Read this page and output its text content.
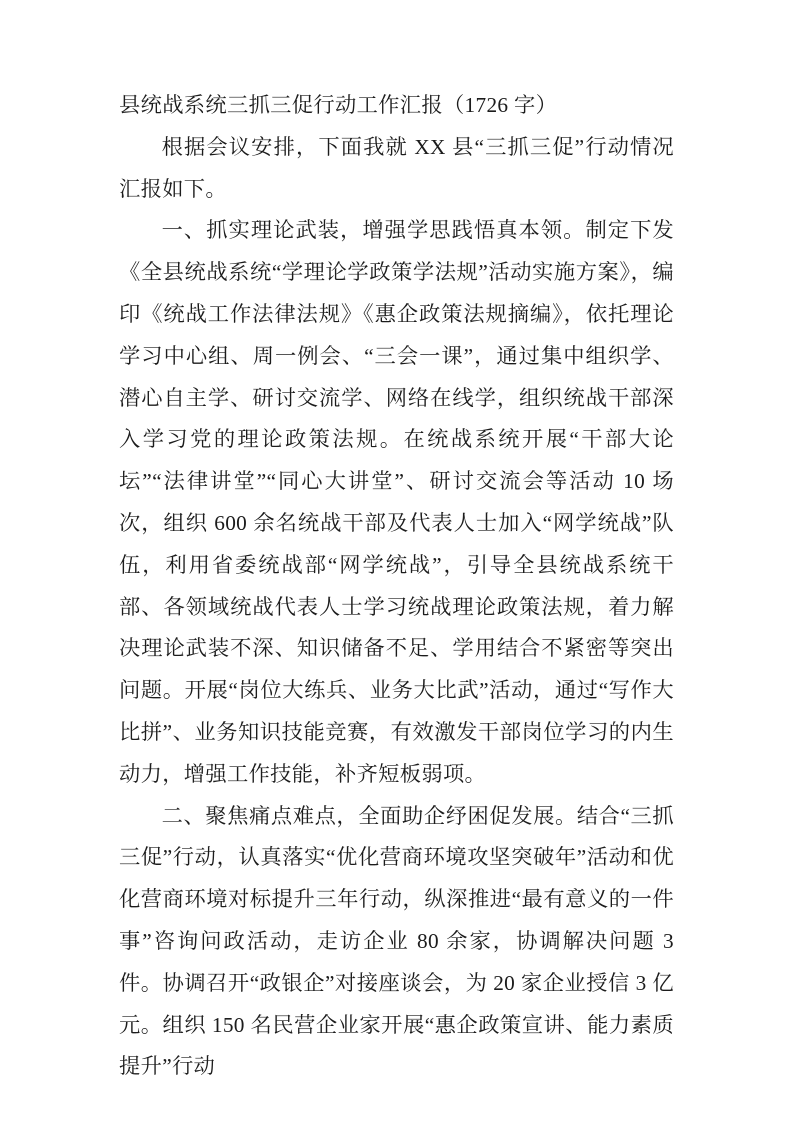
县统战系统三抓三促行动工作汇报（1726 字）

根据会议安排，下面我就 XX 县“三抓三促”行动情况汇报如下。

一、抓实理论武装，增强学思践悟真本领。制定下发《全县统战系统“学理论学政策学法规”活动实施方案》，编印《统战工作法律法规》《惠企政策法规摘编》，依托理论学习中心组、周一例会、“三会一课”，通过集中组织学、潜心自主学、研讨交流学、网络在线学，组织统战干部深入学习党的理论政策法规。在统战系统开展“干部大论坛”“法律讲堂”“同心大讲堂”、研讨交流会等活动 10 场次，组织 600 余名统战干部及代表人士加入“网学统战”队伍，利用省委统战部“网学统战”，引导全县统战系统干部、各领域统战代表人士学习统战理论政策法规，着力解决理论武装不深、知识储备不足、学用结合不紧密等突出问题。开展“岗位大练兵、业务大比武”活动，通过“写作大比拼”、业务知识技能竞赛，有效激发干部岗位学习的内生动力，增强工作技能，补齐短板弱项。

二、聚焦痛点难点，全面助企纾困促发展。结合“三抓三促”行动，认真落实“优化营商环境攻坚突破年”活动和优化营商环境对标提升三年行动，纵深推进“最有意义的一件事”咨询问政活动，走访企业 80 余家，协调解决问题 3 件。协调召开“政银企”对接座谈会，为 20 家企业授信 3 亿元。组织 150 名民营企业家开展“惠企政策宣讲、能力素质提升”行动
